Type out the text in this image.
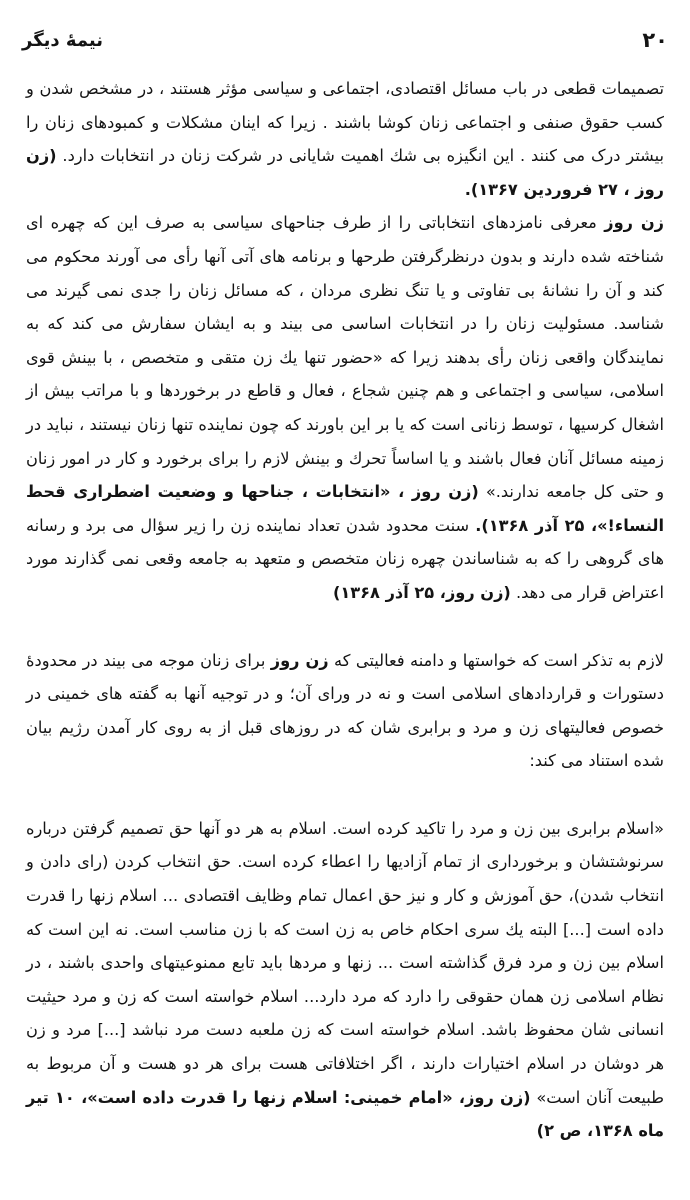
۲۰
نیمهٔ دیگر

تصمیمات قطعی در باب مسائل اقتصادی، اجتماعی و سیاسی مؤثر هستند ، در مشخص شدن و کسب حقوق صنفی و اجتماعی زنان کوشا باشند . زیرا که اینان مشکلات و کمبودهای زنان را بیشتر درک می کنند . این انگیزه بی شك اهمیت شایانی در شرکت زنان در انتخابات دارد. (زن روز ، ۲۷ فروردین ۱۳۶۷).

زن روز معرفی نامزدهای انتخاباتی را از طرف جناحهای سیاسی به صرف این که چهره ای شناخته شده دارند و بدون درنظرگرفتن طرحها و برنامه های آتی آنها رأی می آورند محکوم می کند و آن را نشانهٔ بی تفاوتی و یا تنگ نظری مردان ، که مسائل زنان را جدی نمی گیرند می شناسد. مسئولیت زنان را در انتخابات اساسی می بیند و به ایشان سفارش می کند که به نمایندگان واقعی زنان رأی بدهند زیرا که «حضور تنها یك زن متقی و متخصص ، با بینش قوی اسلامی، سیاسی و اجتماعی و هم چنین شجاع ، فعال و قاطع در برخوردها و با مراتب بیش از اشغال کرسیها ، توسط زنانی است که یا بر این باورند که چون نماینده تنها زنان نیستند ، نباید در زمینه مسائل آنان فعال باشند و یا اساساً تحرك و بینش لازم را برای برخورد و کار در امور زنان و حتی کل جامعه ندارند.» (زن روز ، «انتخابات ، جناحها و وضعیت اضطراری قحط النساء!»، ۲۵ آذر ۱۳۶۸). سنت محدود شدن تعداد نماینده زن را زیر سؤال می برد و رسانه های گروهی را که به شناساندن چهره زنان متخصص و متعهد به جامعه وقعی نمی گذارند مورد اعتراض قرار می دهد. (زن روز، ۲۵ آذر ۱۳۶۸)

لازم به تذکر است که خواستها و دامنه فعالیتی که زن روز برای زنان موجه می بیند در محدودهٔ دستورات و قراردادهای اسلامی است و نه در ورای آن؛ و در توجیه آنها به گفته های خمینی در خصوص فعالیتهای زن و مرد و برابری شان که در روزهای قبل از به روی کار آمدن رژیم بیان شده استناد می کند:

«اسلام برابری بین زن و مرد را تاکید کرده است. اسلام به هر دو آنها حق تصمیم گرفتن درباره سرنوشتشان و برخورداری از تمام آزادیها را اعطاء کرده است. حق انتخاب کردن (رای دادن و انتخاب شدن)، حق آموزش و کار و نیز حق اعمال تمام وظایف اقتصادی ... اسلام زنها را قدرت داده است [...] البته یك سری احکام خاص به زن است که با زن مناسب است. نه این است که اسلام بین زن و مرد فرق گذاشته است ... زنها و مردها باید تابع ممنوعیتهای واحدی باشند ، در نظام اسلامی زن همان حقوقی را دارد که مرد دارد... اسلام خواسته است که زن و مرد حیثیت انسانی شان محفوظ باشد. اسلام خواسته است که زن ملعبه دست مرد نباشد [...] مرد و زن هر دوشان در اسلام اختیارات دارند ، اگر اختلافاتی هست برای هر دو هست و آن مربوط به طبیعت آنان است» (زن روز، «امام خمینی: اسلام زنها را قدرت داده است»، ۱۰ تیر ماه ۱۳۶۸، ص ۲)
